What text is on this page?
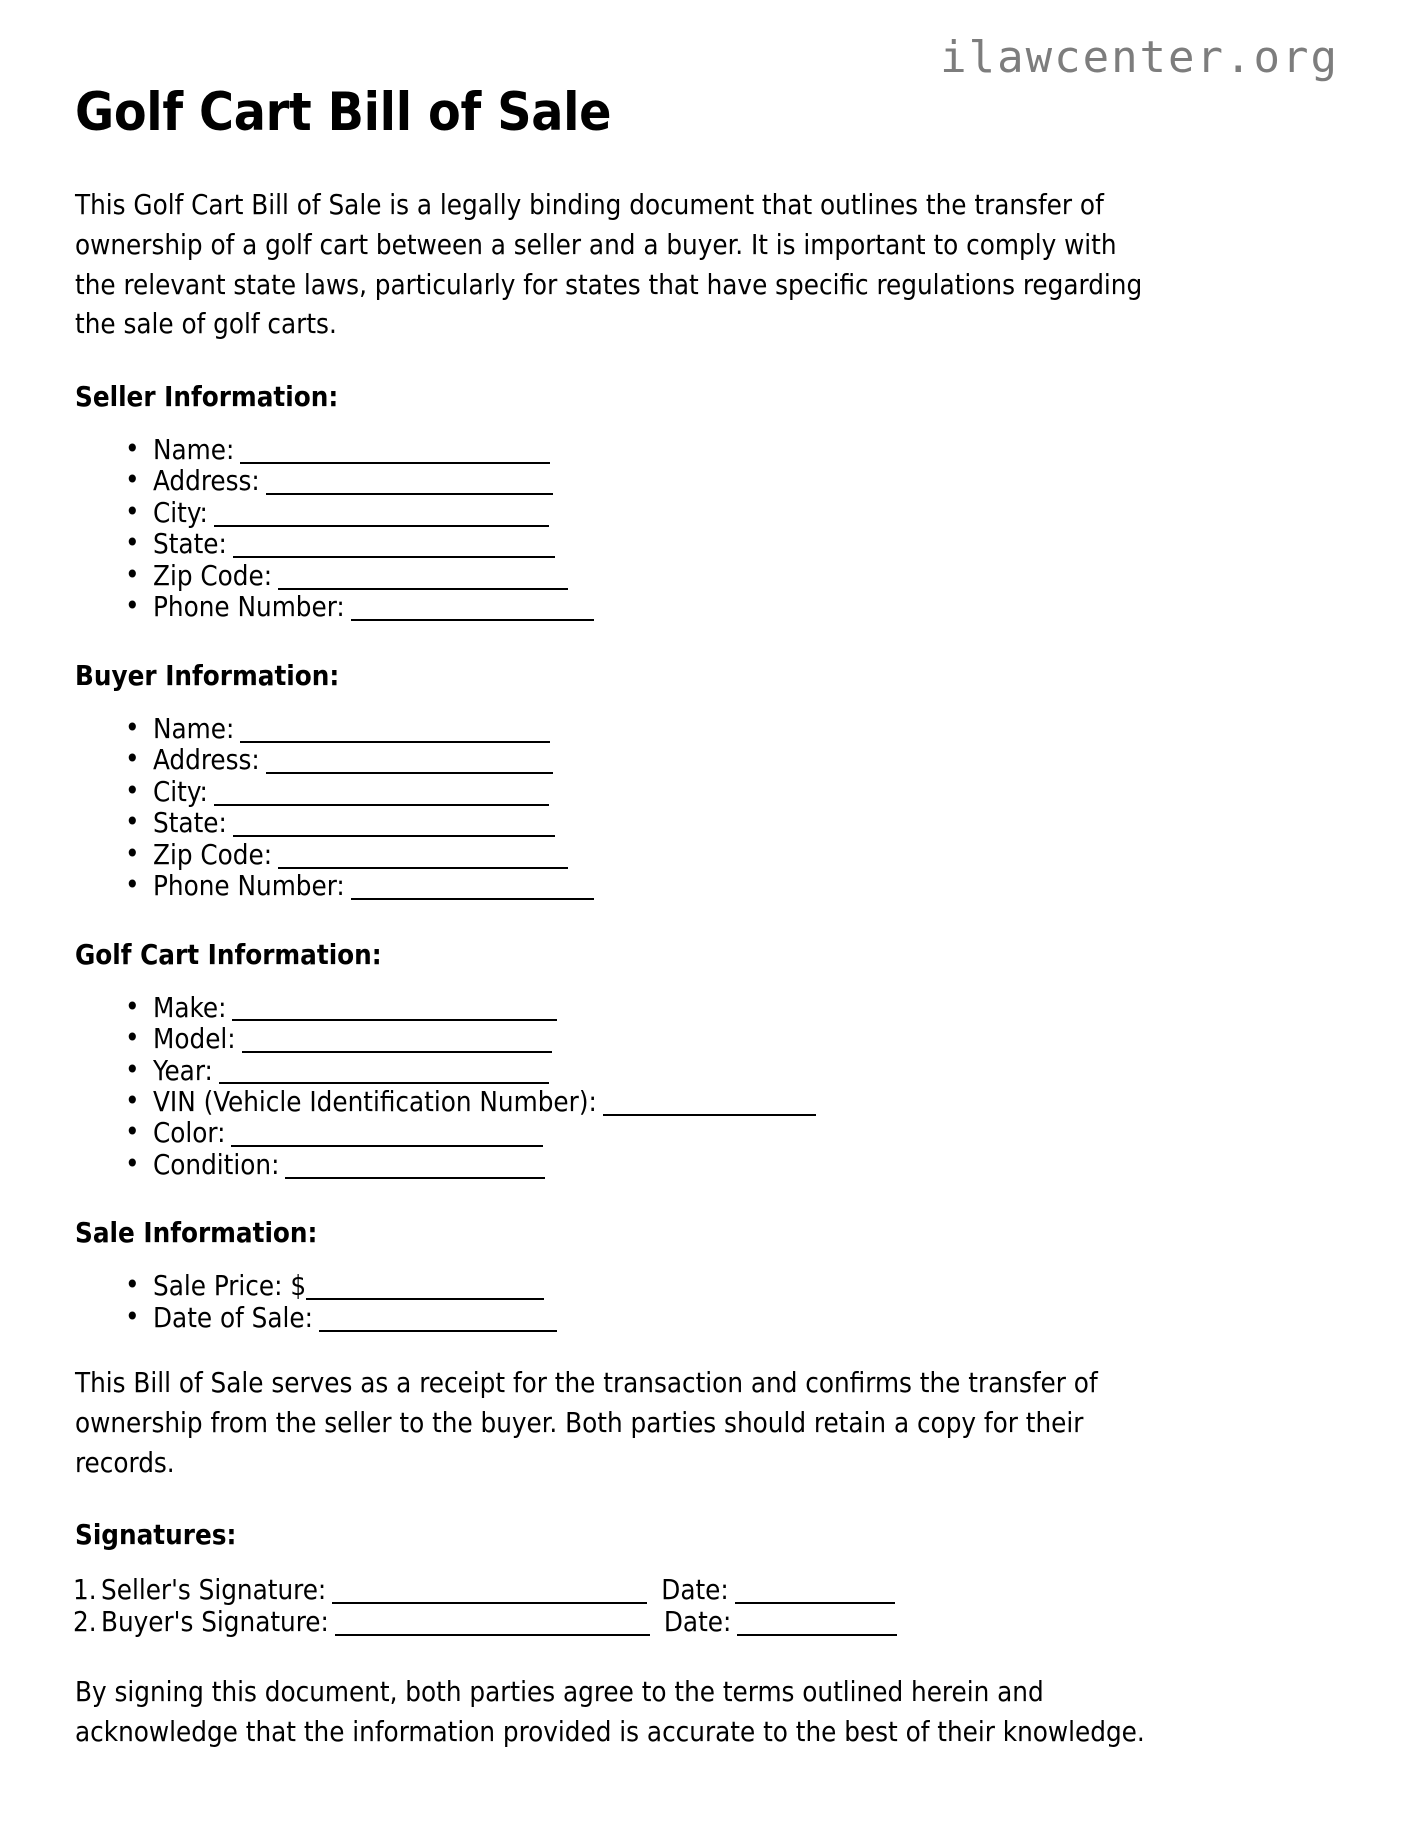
ilawcenter.org
Golf Cart Bill of Sale

This Golf Cart Bill of Sale is a legally binding document that outlines the transfer of ownership of a golf cart between a seller and a buyer. It is important to comply with the relevant state laws, particularly for states that have specific regulations regarding the sale of golf carts.

Seller Information:
• Name:
• Address:
• City:
• State:
• Zip Code:
• Phone Number:
Buyer Information:
• Name:
• Address:
• City:
• State:
• Zip Code:
• Phone Number:
Golf Cart Information:
• Make:
• Model:
• Year:
• VIN (Vehicle Identification Number):
• Color:
• Condition:
Sale Information:
• Sale Price: $
• Date of Sale:

This Bill of Sale serves as a receipt for the transaction and confirms the transfer of ownership from the seller to the buyer. Both parties should retain a copy for their records.

Signatures:
Seller's Signature:	Date:
Buyer's Signature:	Date:

By signing this document, both parties agree to the terms outlined herein and acknowledge that the information provided is accurate to the best of their knowledge.
